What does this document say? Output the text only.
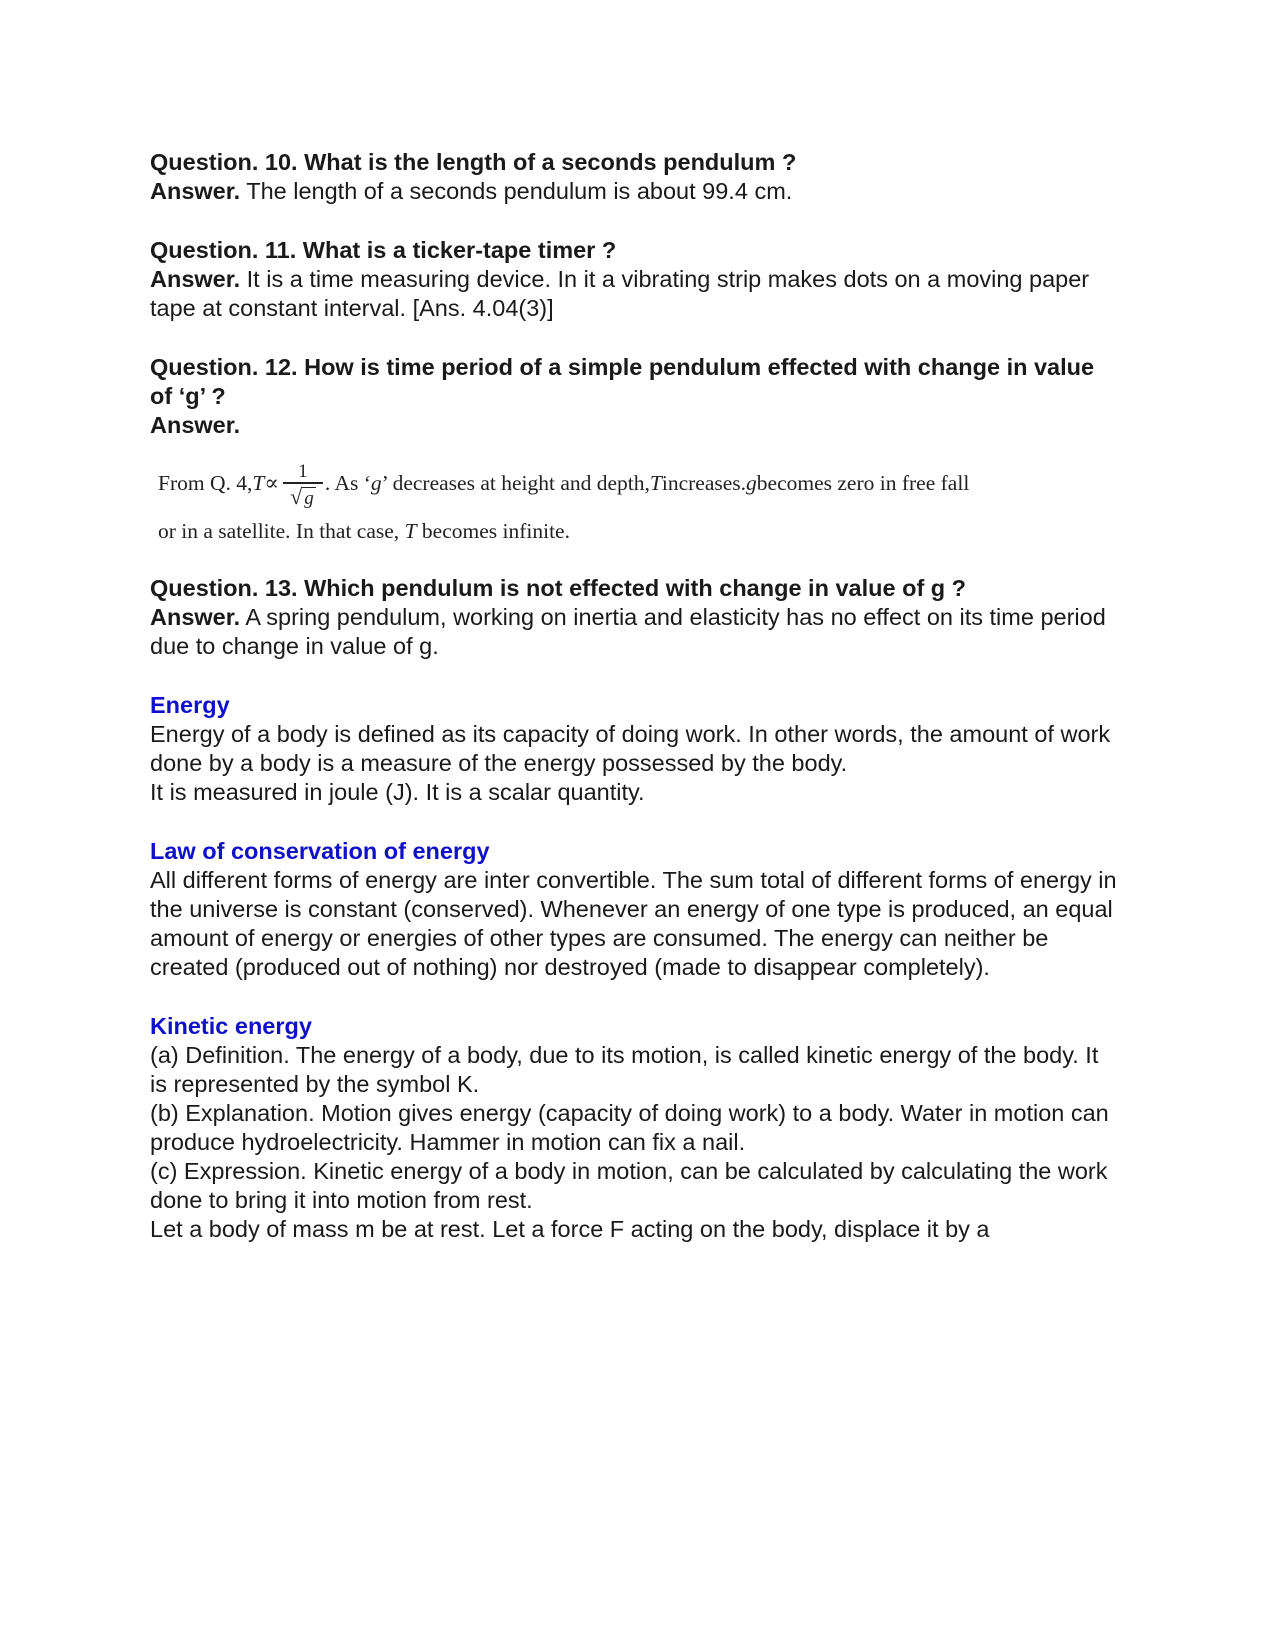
Question. 10. What is the length of a seconds pendulum ?

Answer. The length of a seconds pendulum is about 99.4 cm.

Question. 11. What is a ticker-tape timer ?

Answer. It is a time measuring device. In it a vibrating strip makes dots on a moving paper tape at constant interval. [Ans. 4.04(3)]

Question. 12. How is time period of a simple pendulum effected with change in value of ‘g’ ?

Answer.

From Q. 4, $T \propto \frac{1}{√ g}$ . As ‘ g ’ decreases at height and depth, T increases. g becomes zero in free fall
or in a satellite. In that case, T becomes infinite.

Question. 13. Which pendulum is not effected with change in value of g ?

Answer. A spring pendulum, working on inertia and elasticity has no effect on its time period due to change in value of g.

Energy

Energy of a body is defined as its capacity of doing work. In other words, the amount of work done by a body is a measure of the energy possessed by the body.

It is measured in joule (J). It is a scalar quantity.

Law of conservation of energy

All different forms of energy are inter convertible. The sum total of different forms of energy in the universe is constant (conserved). Whenever an energy of one type is produced, an equal amount of energy or energies of other types are consumed. The energy can neither be created (produced out of nothing) nor destroyed (made to disappear completely).

Kinetic energy

(a) Definition. The energy of a body, due to its motion, is called kinetic energy of the body. It is represented by the symbol K.

(b) Explanation. Motion gives energy (capacity of doing work) to a body. Water in motion can produce hydroelectricity. Hammer in motion can fix a nail.

(c) Expression. Kinetic energy of a body in motion, can be calculated by calculating the work done to bring it into motion from rest.

Let a body of mass m be at rest. Let a force F acting on the body, displace it by a
